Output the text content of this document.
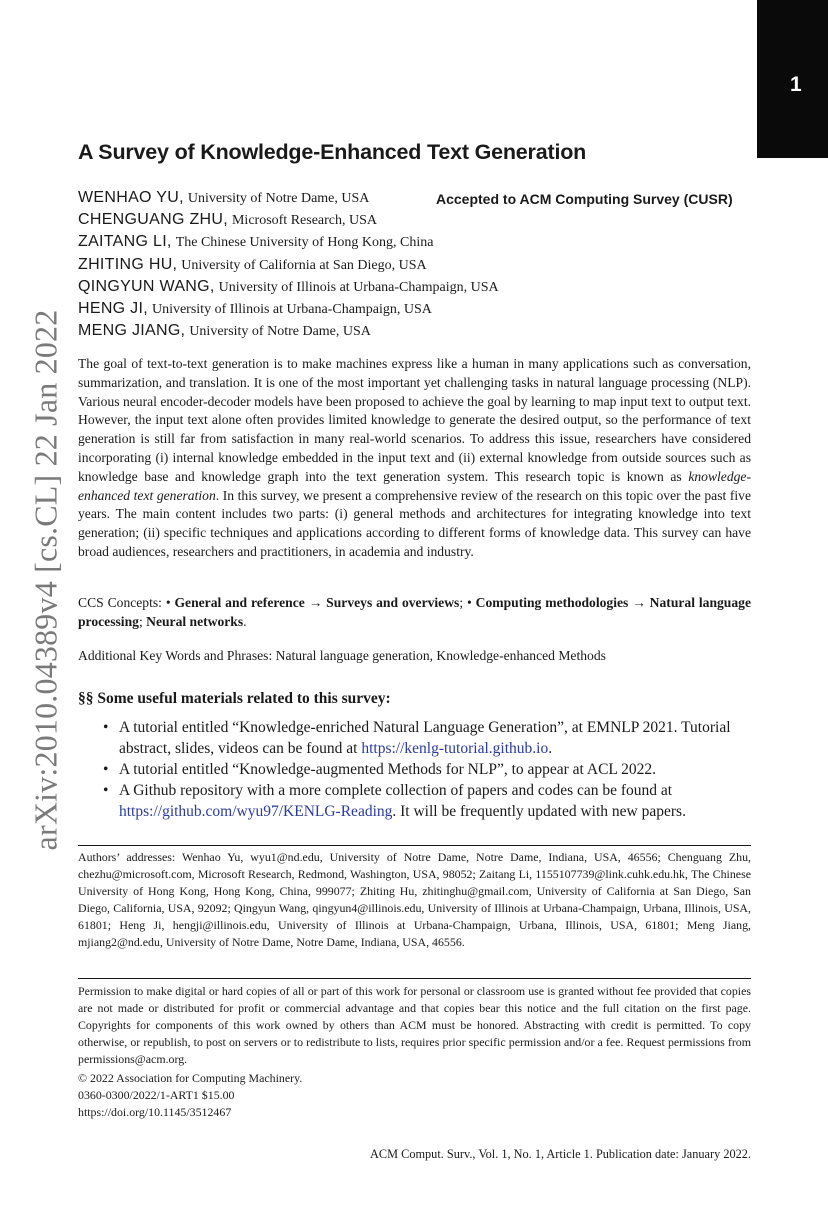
1
arXiv:2010.04389v4 [cs.CL] 22 Jan 2022
A Survey of Knowledge-Enhanced Text Generation
Accepted to ACM Computing Survey (CUSR)
WENHAO YU, University of Notre Dame, USA
CHENGUANG ZHU, Microsoft Research, USA
ZAITANG LI, The Chinese University of Hong Kong, China
ZHITING HU, University of California at San Diego, USA
QINGYUN WANG, University of Illinois at Urbana-Champaign, USA
HENG JI, University of Illinois at Urbana-Champaign, USA
MENG JIANG, University of Notre Dame, USA

The goal of text-to-text generation is to make machines express like a human in many applications such as conversation, summarization, and translation. It is one of the most important yet challenging tasks in natural language processing (NLP). Various neural encoder-decoder models have been proposed to achieve the goal by learning to map input text to output text. However, the input text alone often provides limited knowledge to generate the desired output, so the performance of text generation is still far from satisfaction in many real-world scenarios. To address this issue, researchers have considered incorporating (i) internal knowledge embedded in the input text and (ii) external knowledge from outside sources such as knowledge base and knowledge graph into the text generation system. This research topic is known as knowledge-enhanced text generation. In this survey, we present a comprehensive review of the research on this topic over the past five years. The main content includes two parts: (i) general methods and architectures for integrating knowledge into text generation; (ii) specific techniques and applications according to different forms of knowledge data. This survey can have broad audiences, researchers and practitioners, in academia and industry.

CCS Concepts: • General and reference → Surveys and overviews; • Computing methodologies → Natural language processing; Neural networks.

Additional Key Words and Phrases: Natural language generation, Knowledge-enhanced Methods

§§ Some useful materials related to this survey:
• A tutorial entitled “Knowledge-enriched Natural Language Generation”, at EMNLP 2021. Tutorial abstract, slides, videos can be found at https://kenlg-tutorial.github.io.
• A tutorial entitled “Knowledge-augmented Methods for NLP”, to appear at ACL 2022.
• A Github repository with a more complete collection of papers and codes can be found at https://github.com/wyu97/KENLG-Reading. It will be frequently updated with new papers.

Authors’ addresses: Wenhao Yu, wyu1@nd.edu, University of Notre Dame, Notre Dame, Indiana, USA, 46556; Chenguang Zhu, chezhu@microsoft.com, Microsoft Research, Redmond, Washington, USA, 98052; Zaitang Li, 1155107739@link.cuhk.edu.hk, The Chinese University of Hong Kong, Hong Kong, China, 999077; Zhiting Hu, zhitinghu@gmail.com, University of California at San Diego, San Diego, California, USA, 92092; Qingyun Wang, qingyun4@illinois.edu, University of Illinois at Urbana-Champaign, Urbana, Illinois, USA, 61801; Heng Ji, hengji@illinois.edu, University of Illinois at Urbana-Champaign, Urbana, Illinois, USA, 61801; Meng Jiang, mjiang2@nd.edu, University of Notre Dame, Notre Dame, Indiana, USA, 46556.

Permission to make digital or hard copies of all or part of this work for personal or classroom use is granted without fee provided that copies are not made or distributed for profit or commercial advantage and that copies bear this notice and the full citation on the first page. Copyrights for components of this work owned by others than ACM must be honored. Abstracting with credit is permitted. To copy otherwise, or republish, to post on servers or to redistribute to lists, requires prior specific permission and/or a fee. Request permissions from permissions@acm.org.

© 2022 Association for Computing Machinery.

0360-0300/2022/1-ART1 $15.00

https://doi.org/10.1145/3512467

ACM Comput. Surv., Vol. 1, No. 1, Article 1. Publication date: January 2022.
